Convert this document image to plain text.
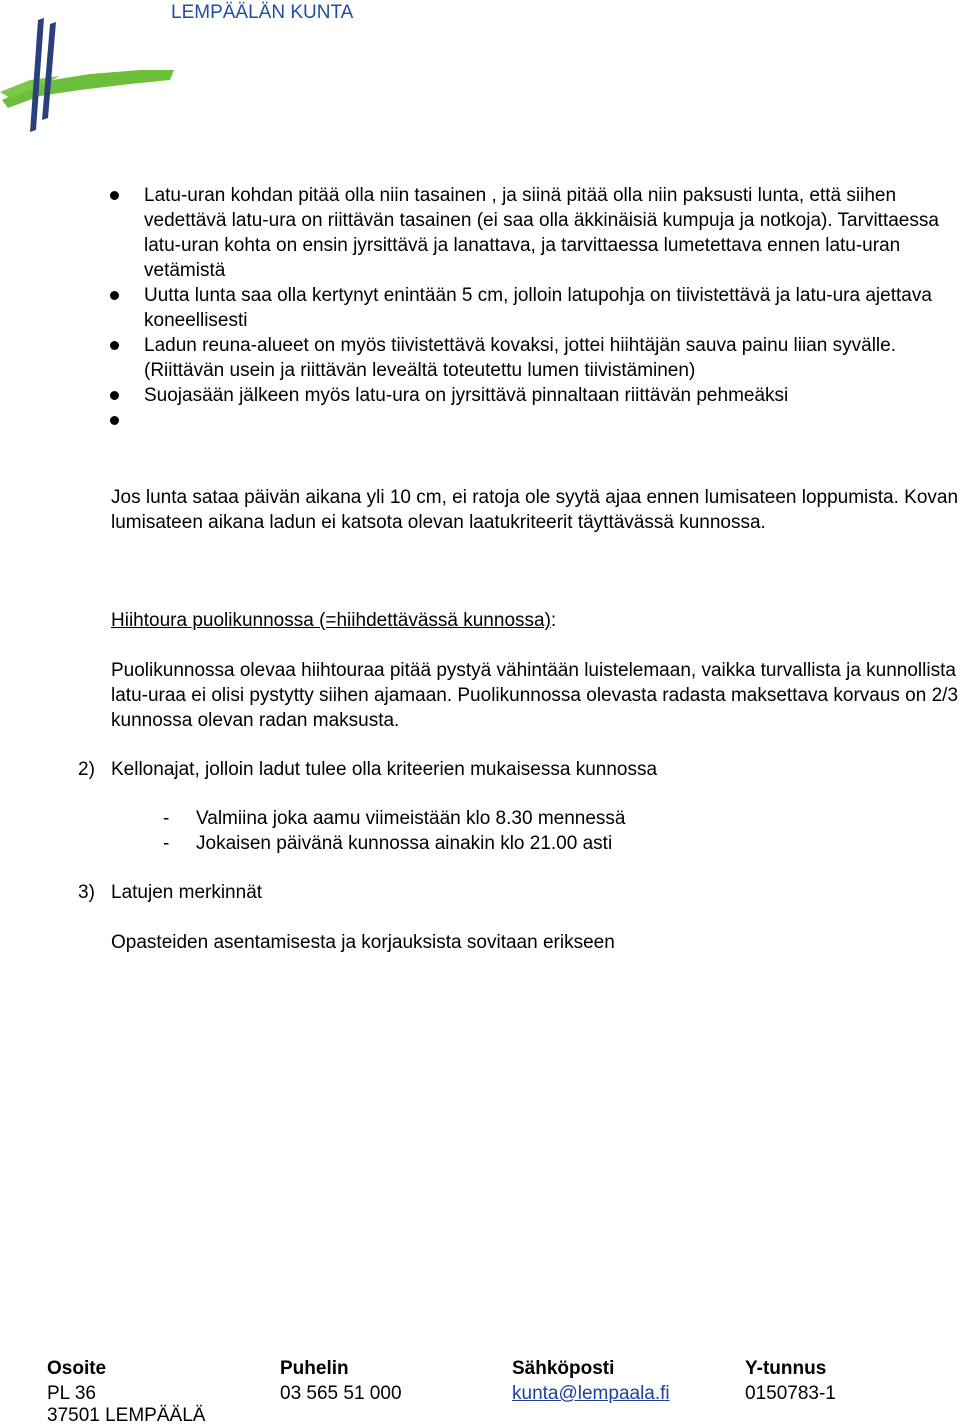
LEMPÄÄLÄN KUNTA
Latu-uran kohdan pitää olla niin tasainen , ja siinä pitää olla niin paksusti lunta, että siihen vedettävä latu-ura on riittävän tasainen (ei saa olla äkkinäisiä kumpuja ja notkoja). Tarvittaessa latu-uran kohta on ensin jyrsittävä ja lanattava, ja tarvittaessa lumetettava ennen latu-uran vetämistä
Uutta lunta saa olla kertynyt enintään 5 cm, jolloin latupohja on tiivistettävä ja latu-ura ajettava koneellisesti
Ladun reuna-alueet on myös tiivistettävä kovaksi, jottei hiihtäjän sauva painu liian syvälle. (Riittävän usein ja riittävän leveältä toteutettu lumen tiivistäminen)
Suojasään jälkeen myös latu-ura on jyrsittävä pinnaltaan riittävän pehmeäksi

Jos lunta sataa päivän aikana yli 10 cm, ei ratoja ole syytä ajaa ennen lumisateen loppumista. Kovan lumisateen aikana ladun ei katsota olevan laatukriteerit täyttävässä kunnossa.

Hiihtoura puolikunnossa (=hiihdettävässä kunnossa):

Puolikunnossa olevaa hiihtouraa pitää pystyä vähintään luistelemaan, vaikka turvallista ja kunnollista latu-uraa ei olisi pystytty siihen ajamaan. Puolikunnossa olevasta radasta maksettava korvaus on 2/3 kunnossa olevan radan maksusta.

2) Kellonajat, jolloin ladut tulee olla kriteerien mukaisessa kunnossa

- Valmiina joka aamu viimeistään klo 8.30 mennessä

- Jokaisen päivänä kunnossa ainakin klo 21.00 asti

3) Latujen merkinnät

Opasteiden asentamisesta ja korjauksista sovitaan erikseen

Osoite
PL 36
37501 LEMPÄÄLÄ
Puhelin
03 565 51 000
Sähköposti
kunta@lempaala.fi
Y-tunnus
0150783-1
